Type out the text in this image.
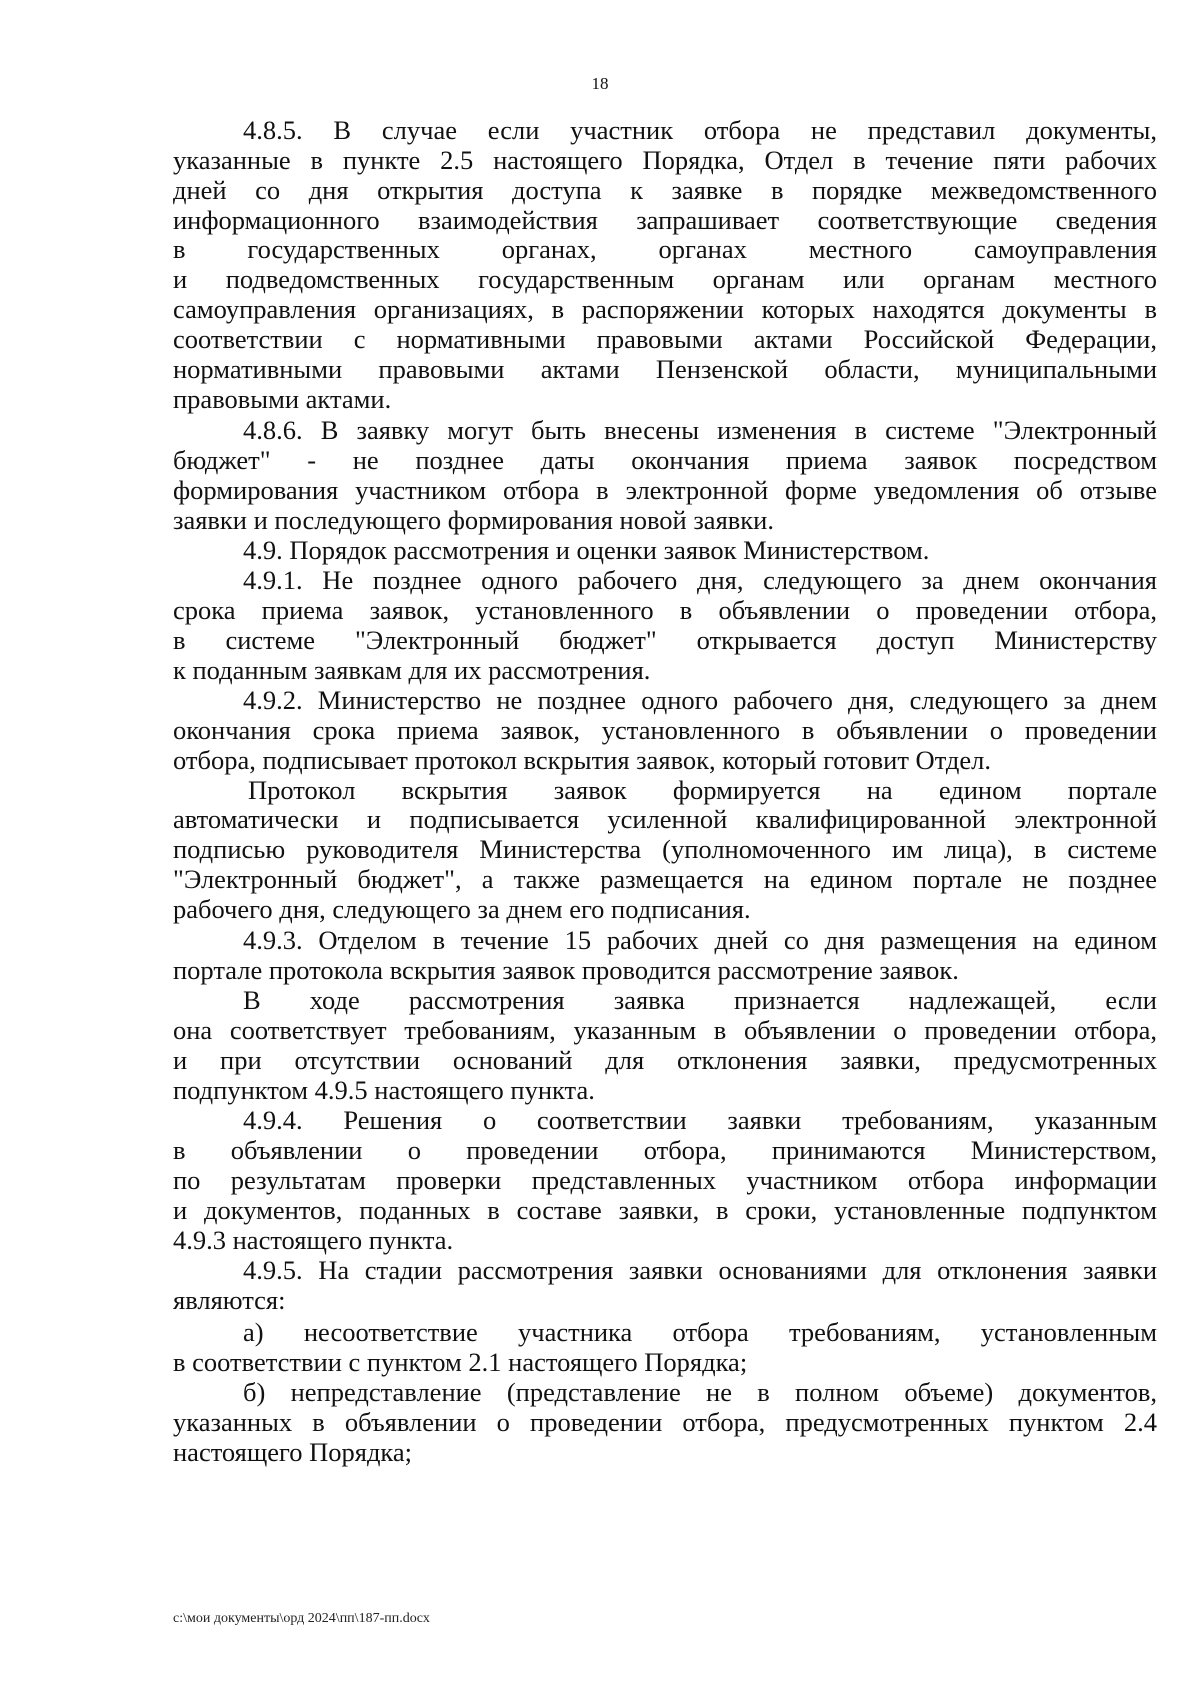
18
4.8.5. В случае если участник отбора не представил документы,
указанные в пункте 2.5 настоящего Порядка, Отдел в течение пяти рабочих
дней со дня открытия доступа к заявке в порядке межведомственного
информационного взаимодействия запрашивает соответствующие сведения
в государственных органах, органах местного самоуправления
и подведомственных государственным органам или органам местного
самоуправления организациях, в распоряжении которых находятся документы в
соответствии с нормативными правовыми актами Российской Федерации,
нормативными правовыми актами Пензенской области, муниципальными
правовыми актами.
4.8.6. В заявку могут быть внесены изменения в системе "Электронный
бюджет" - не позднее даты окончания приема заявок посредством
формирования участником отбора в электронной форме уведомления об отзыве
заявки и последующего формирования новой заявки.
4.9. Порядок рассмотрения и оценки заявок Министерством.
4.9.1. Не позднее одного рабочего дня, следующего за днем окончания
срока приема заявок, установленного в объявлении о проведении отбора,
в системе "Электронный бюджет" открывается доступ Министерству
к поданным заявкам для их рассмотрения.
4.9.2. Министерство не позднее одного рабочего дня, следующего за днем
окончания срока приема заявок, установленного в объявлении о проведении
отбора, подписывает протокол вскрытия заявок, который готовит Отдел.
Протокол вскрытия заявок формируется на едином портале
автоматически и подписывается усиленной квалифицированной электронной
подписью руководителя Министерства (уполномоченного им лица), в системе
"Электронный бюджет", а также размещается на едином портале не позднее
рабочего дня, следующего за днем его подписания.
4.9.3. Отделом в течение 15 рабочих дней со дня размещения на едином
портале протокола вскрытия заявок проводится рассмотрение заявок.
В ходе рассмотрения заявка признается надлежащей, если
она соответствует требованиям, указанным в объявлении о проведении отбора,
и при отсутствии оснований для отклонения заявки, предусмотренных
подпунктом 4.9.5 настоящего пункта.
4.9.4. Решения о соответствии заявки требованиям, указанным
в объявлении о проведении отбора, принимаются Министерством,
по результатам проверки представленных участником отбора информации
и документов, поданных в составе заявки, в сроки, установленные подпунктом
4.9.3 настоящего пункта.
4.9.5. На стадии рассмотрения заявки основаниями для отклонения заявки
являются:
а) несоответствие участника отбора требованиям, установленным
в соответствии с пунктом 2.1 настоящего Порядка;
б) непредставление (представление не в полном объеме) документов,
указанных в объявлении о проведении отбора, предусмотренных пунктом 2.4
настоящего Порядка;
c:\мои документы\орд 2024\пп\187-пп.docx
